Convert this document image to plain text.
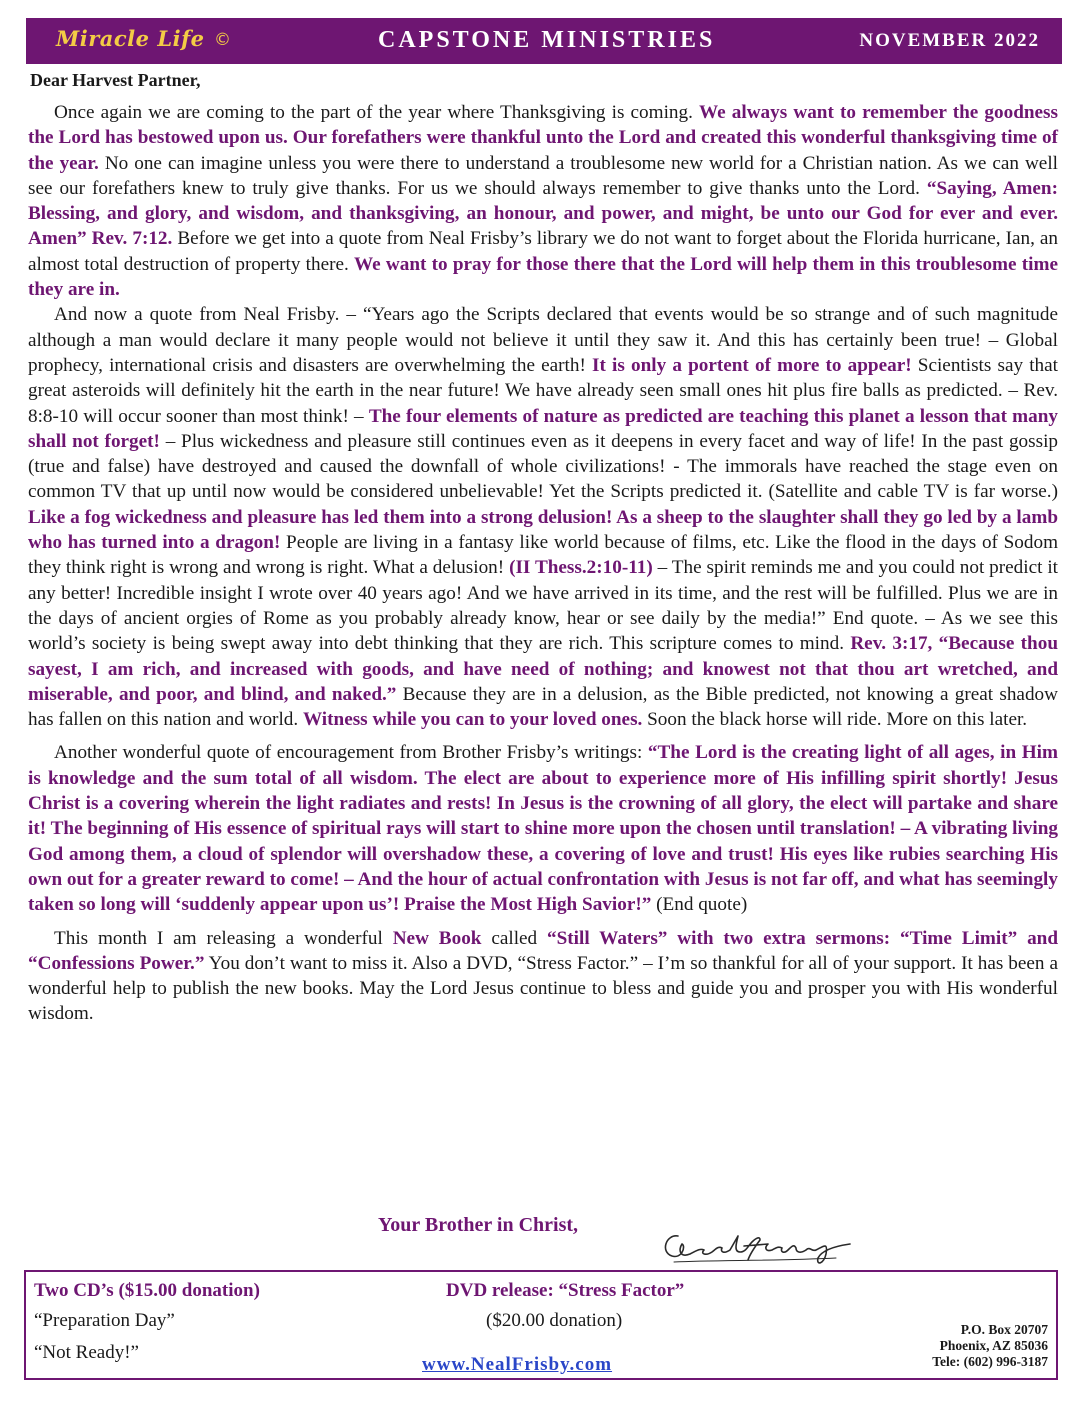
Miracle Life ©	CAPSTONE MINISTRIES	NOVEMBER 2022
Dear Harvest Partner,

Once again we are coming to the part of the year where Thanksgiving is coming. We always want to remember the goodness the Lord has bestowed upon us. Our forefathers were thankful unto the Lord and created this wonderful thanksgiving time of the year. No one can imagine unless you were there to understand a troublesome new world for a Christian nation. As we can well see our forefathers knew to truly give thanks. For us we should always remember to give thanks unto the Lord. “Saying, Amen: Blessing, and glory, and wisdom, and thanksgiving, an honour, and power, and might, be unto our God for ever and ever. Amen” Rev. 7:12. Before we get into a quote from Neal Frisby’s library we do not want to forget about the Florida hurricane, Ian, an almost total destruction of property there. We want to pray for those there that the Lord will help them in this troublesome time they are in.

And now a quote from Neal Frisby. – “Years ago the Scripts declared that events would be so strange and of such magnitude although a man would declare it many people would not believe it until they saw it. And this has certainly been true! – Global prophecy, international crisis and disasters are overwhelming the earth! It is only a portent of more to appear! Scientists say that great asteroids will definitely hit the earth in the near future! We have already seen small ones hit plus fire balls as predicted. – Rev. 8:8-10 will occur sooner than most think! – The four elements of nature as predicted are teaching this planet a lesson that many shall not forget! – Plus wickedness and pleasure still continues even as it deepens in every facet and way of life! In the past gossip (true and false) have destroyed and caused the downfall of whole civilizations! - The immorals have reached the stage even on common TV that up until now would be considered unbelievable! Yet the Scripts predicted it. (Satellite and cable TV is far worse.) Like a fog wickedness and pleasure has led them into a strong delusion! As a sheep to the slaughter shall they go led by a lamb who has turned into a dragon! People are living in a fantasy like world because of films, etc. Like the flood in the days of Sodom they think right is wrong and wrong is right. What a delusion! (II Thess.2:10-11) – The spirit reminds me and you could not predict it any better! Incredible insight I wrote over 40 years ago! And we have arrived in its time, and the rest will be fulfilled. Plus we are in the days of ancient orgies of Rome as you probably already know, hear or see daily by the media!” End quote. – As we see this world’s society is being swept away into debt thinking that they are rich. This scripture comes to mind. Rev. 3:17, “Because thou sayest, I am rich, and increased with goods, and have need of nothing; and knowest not that thou art wretched, and miserable, and poor, and blind, and naked.” Because they are in a delusion, as the Bible predicted, not knowing a great shadow has fallen on this nation and world. Witness while you can to your loved ones. Soon the black horse will ride. More on this later.

Another wonderful quote of encouragement from Brother Frisby’s writings: “The Lord is the creating light of all ages, in Him is knowledge and the sum total of all wisdom. The elect are about to experience more of His infilling spirit shortly! Jesus Christ is a covering wherein the light radiates and rests! In Jesus is the crowning of all glory, the elect will partake and share it! The beginning of His essence of spiritual rays will start to shine more upon the chosen until translation! – A vibrating living God among them, a cloud of splendor will overshadow these, a covering of love and trust! His eyes like rubies searching His own out for a greater reward to come! – And the hour of actual confrontation with Jesus is not far off, and what has seemingly taken so long will ‘suddenly appear upon us’! Praise the Most High Savior!” (End quote)

This month I am releasing a wonderful New Book called “Still Waters” with two extra sermons: “Time Limit” and “Confessions Power.” You don’t want to miss it. Also a DVD, “Stress Factor.” – I’m so thankful for all of your support. It has been a wonderful help to publish the new books. May the Lord Jesus continue to bless and guide you and prosper you with His wonderful wisdom.

Your Brother in Christ,
Two CD’s ($15.00 donation)
“Preparation Day”
“Not Ready!”
DVD release: “Stress Factor”
($20.00 donation)
www.NealFrisby.com
P.O. Box 20707
Phoenix, AZ 85036
Tele: (602) 996-3187
